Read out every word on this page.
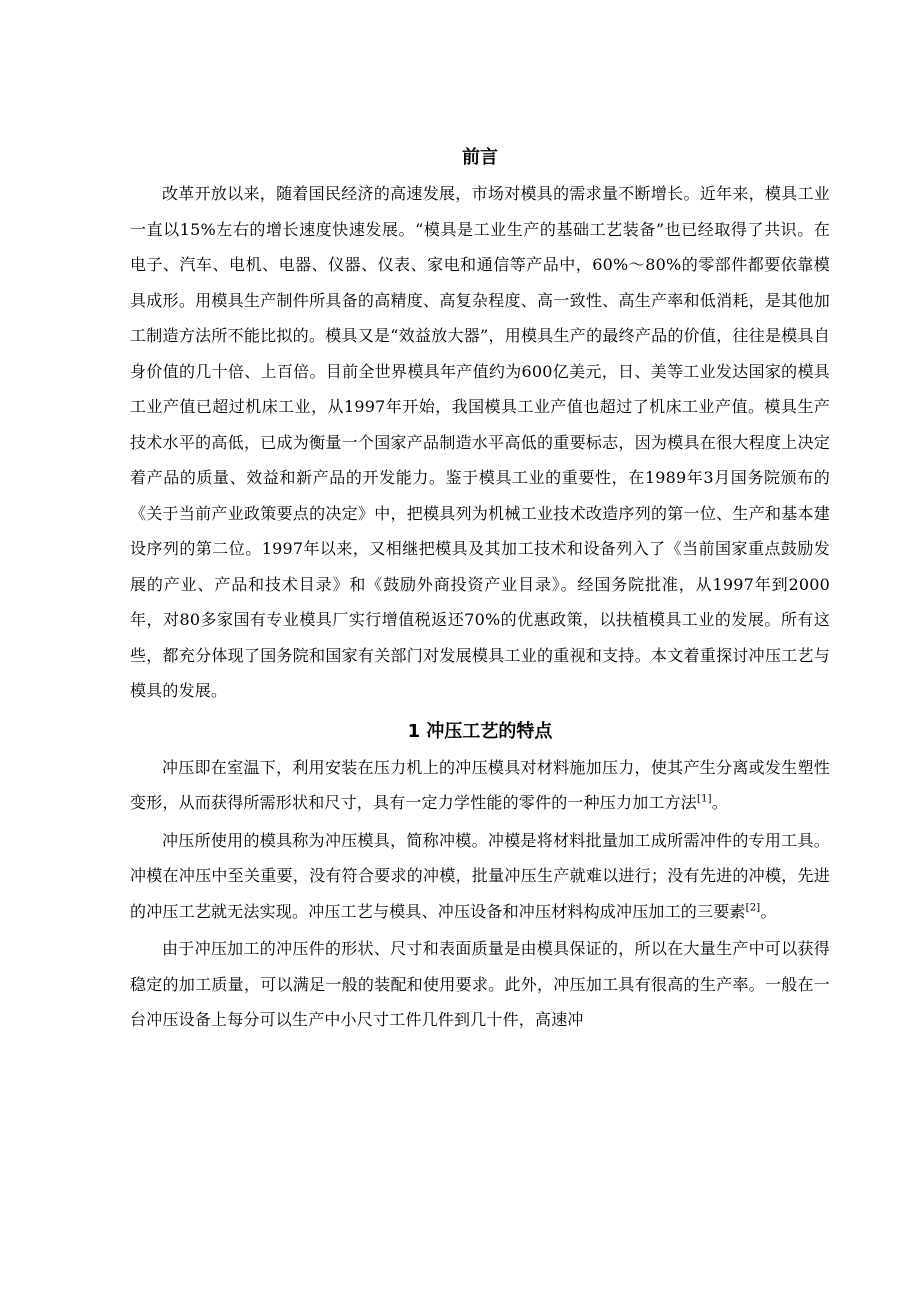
前言

改革开放以来，随着国民经济的高速发展，市场对模具的需求量不断增长。近年来，模具工业一直以15%左右的增长速度快速发展。“模具是工业生产的基础工艺装备”也已经取得了共识。在电子、汽车、电机、电器、仪器、仪表、家电和通信等产品中，60%～80%的零部件都要依靠模具成形。用模具生产制件所具备的高精度、高复杂程度、高一致性、高生产率和低消耗，是其他加工制造方法所不能比拟的。模具又是“效益放大器”，用模具生产的最终产品的价值，往往是模具自身价值的几十倍、上百倍。目前全世界模具年产值约为600亿美元，日、美等工业发达国家的模具工业产值已超过机床工业，从1997年开始，我国模具工业产值也超过了机床工业产值。模具生产技术水平的高低，已成为衡量一个国家产品制造水平高低的重要标志，因为模具在很大程度上决定着产品的质量、效益和新产品的开发能力。鉴于模具工业的重要性，在1989年3月国务院颁布的《关于当前产业政策要点的决定》中，把模具列为机械工业技术改造序列的第一位、生产和基本建设序列的第二位。1997年以来，又相继把模具及其加工技术和设备列入了《当前国家重点鼓励发展的产业、产品和技术目录》和《鼓励外商投资产业目录》。经国务院批准，从1997年到2000年，对80多家国有专业模具厂实行增值税返还70%的优惠政策，以扶植模具工业的发展。所有这些，都充分体现了国务院和国家有关部门对发展模具工业的重视和支持。本文着重探讨冲压工艺与模具的发展。

1 冲压工艺的特点

冲压即在室温下，利用安装在压力机上的冲压模具对材料施加压力，使其产生分离或发生塑性变形，从而获得所需形状和尺寸，具有一定力学性能的零件的一种压力加工方法[1]。

冲压所使用的模具称为冲压模具，简称冲模。冲模是将材料批量加工成所需冲件的专用工具。冲模在冲压中至关重要，没有符合要求的冲模，批量冲压生产就难以进行；没有先进的冲模，先进的冲压工艺就无法实现。冲压工艺与模具、冲压设备和冲压材料构成冲压加工的三要素[2]。

由于冲压加工的冲压件的形状、尺寸和表面质量是由模具保证的，所以在大量生产中可以获得稳定的加工质量，可以满足一般的装配和使用要求。此外，冲压加工具有很高的生产率。一般在一台冲压设备上每分可以生产中小尺寸工件几件到几十件，高速冲
